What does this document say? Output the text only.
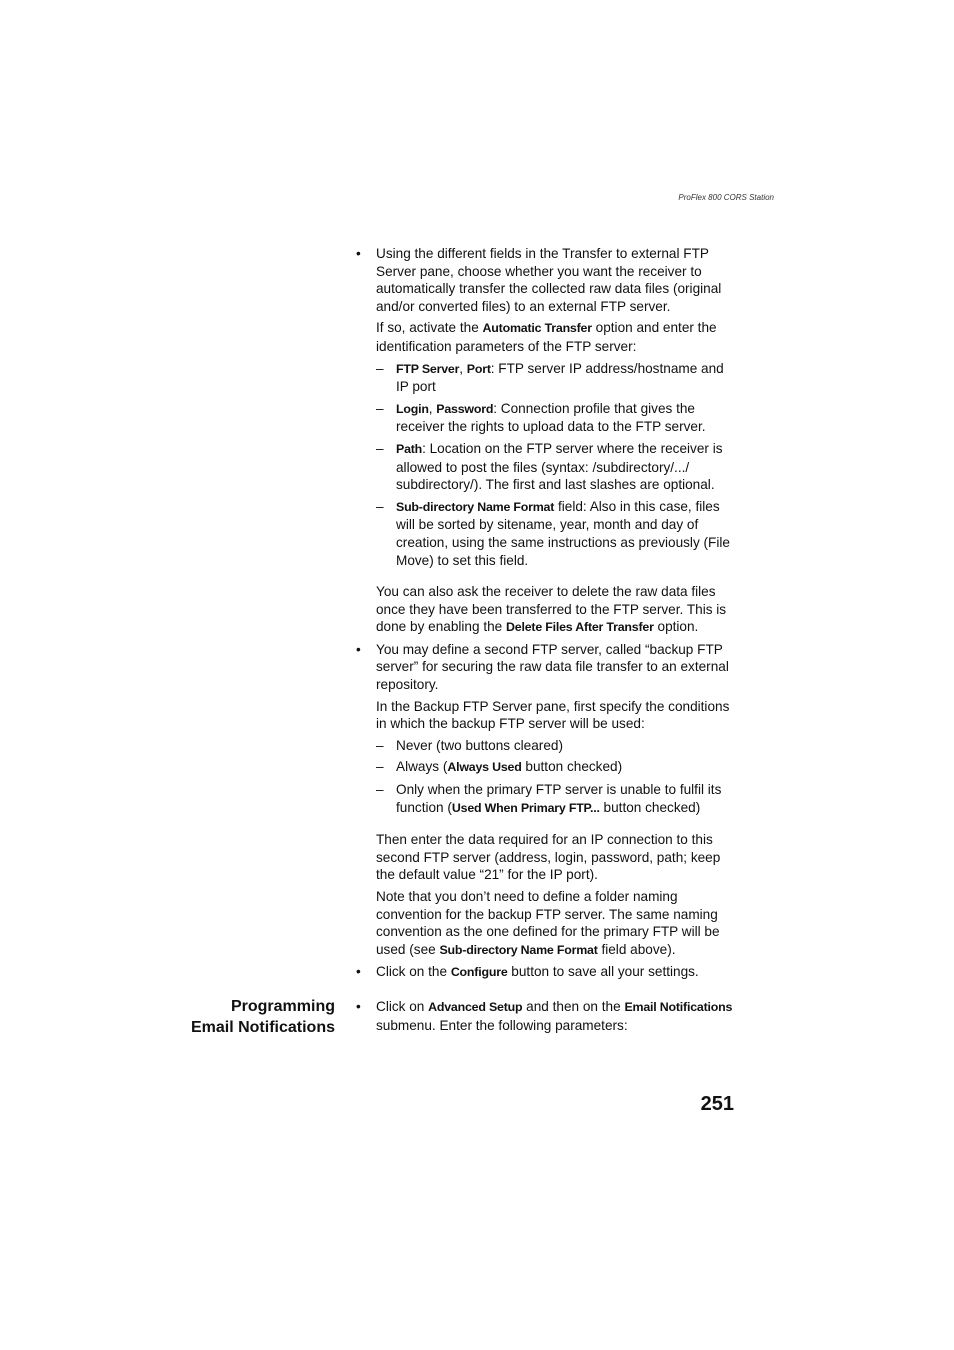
ProFlex 800 CORS Station
• Using the different fields in the Transfer to external FTP Server pane, choose whether you want the receiver to automatically transfer the collected raw data files (original and/or converted files) to an external FTP server.
If so, activate the Automatic Transfer option and enter the identification parameters of the FTP server:
– FTP Server, Port: FTP server IP address/hostname and IP port
– Login, Password: Connection profile that gives the receiver the rights to upload data to the FTP server.
– Path: Location on the FTP server where the receiver is allowed to post the files (syntax: /subdirectory/.../ subdirectory/). The first and last slashes are optional.
– Sub-directory Name Format field: Also in this case, files will be sorted by sitename, year, month and day of creation, using the same instructions as previously (File Move) to set this field.
You can also ask the receiver to delete the raw data files once they have been transferred to the FTP server. This is done by enabling the Delete Files After Transfer option.
• You may define a second FTP server, called “backup FTP server” for securing the raw data file transfer to an external repository.
In the Backup FTP Server pane, first specify the conditions in which the backup FTP server will be used:
– Never (two buttons cleared)
– Always (Always Used button checked)
– Only when the primary FTP server is unable to fulfil its function (Used When Primary FTP... button checked)
Then enter the data required for an IP connection to this second FTP server (address, login, password, path; keep the default value “21” for the IP port).
Note that you don’t need to define a folder naming convention for the backup FTP server. The same naming convention as the one defined for the primary FTP will be used (see Sub-directory Name Format field above).
• Click on the Configure button to save all your settings.
Programming
Email Notifications
• Click on Advanced Setup and then on the Email Notifications submenu. Enter the following parameters:
251
